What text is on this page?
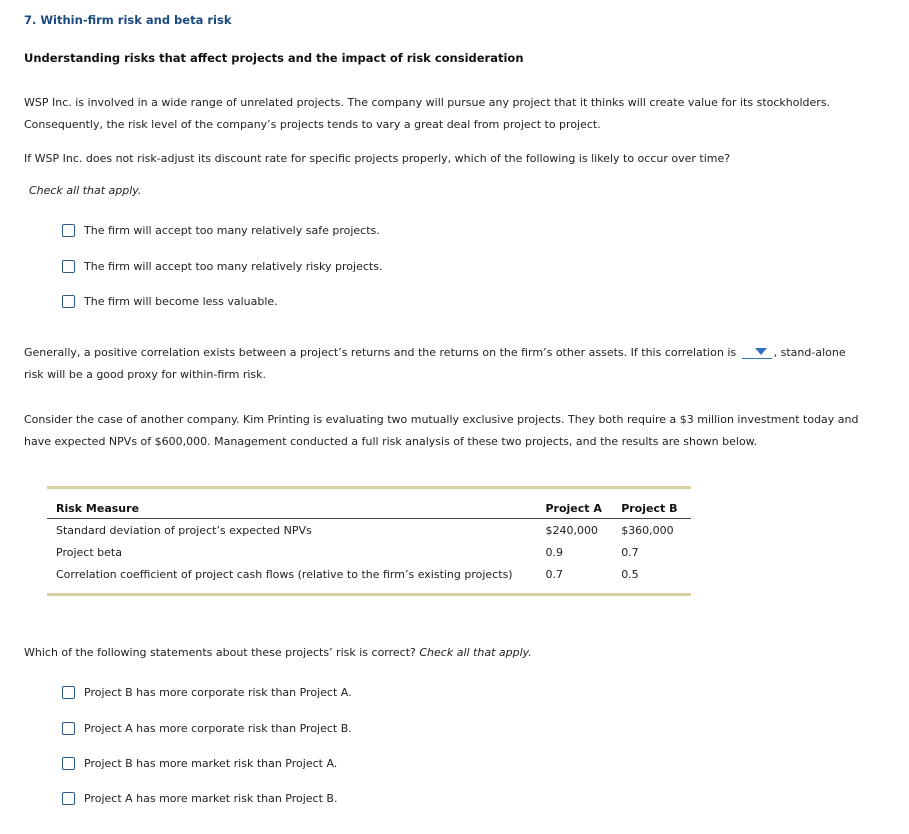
7. Within-firm risk and beta risk
Understanding risks that affect projects and the impact of risk consideration
WSP Inc. is involved in a wide range of unrelated projects. The company will pursue any project that it thinks will create value for its stockholders.
Consequently, the risk level of the company’s projects tends to vary a great deal from project to project.
If WSP Inc. does not risk-adjust its discount rate for specific projects properly, which of the following is likely to occur over time?
Check all that apply.
The firm will accept too many relatively safe projects.
The firm will accept too many relatively risky projects.
The firm will become less valuable.
Generally, a positive correlation exists between a project’s returns and the returns on the firm’s other assets. If this correlation is	, stand-alone
risk will be a good proxy for within-firm risk.
Consider the case of another company. Kim Printing is evaluating two mutually exclusive projects. They both require a $3 million investment today and
have expected NPVs of $600,000. Management conducted a full risk analysis of these two projects, and the results are shown below.
Risk Measure	Project A	Project B
Standard deviation of project’s expected NPVs	$240,000	$360,000
Project beta	0.9	0.7
Correlation coefficient of project cash flows (relative to the firm’s existing projects)	0.7	0.5
Which of the following statements about these projects’ risk is correct? Check all that apply.
Project B has more corporate risk than Project A.
Project A has more corporate risk than Project B.
Project B has more market risk than Project A.
Project A has more market risk than Project B.
